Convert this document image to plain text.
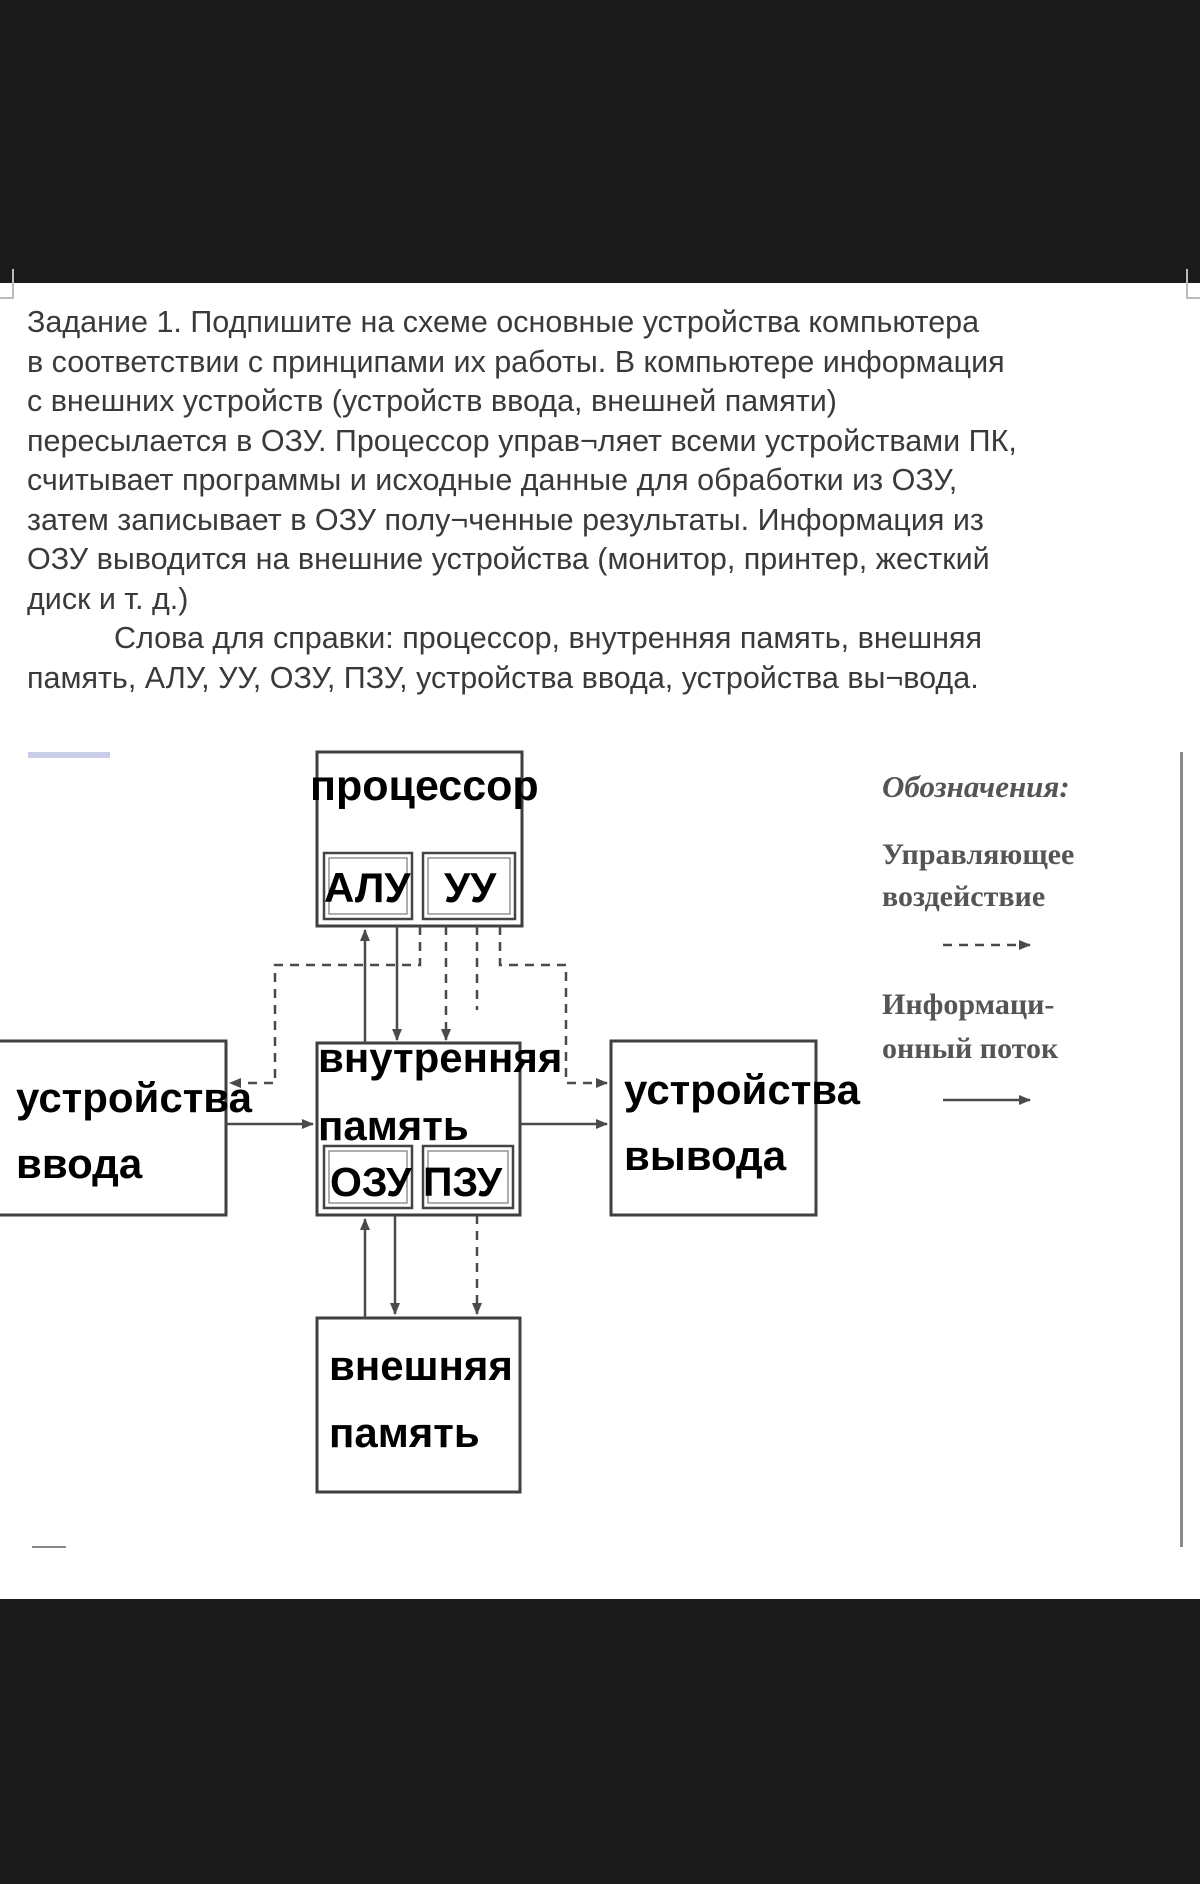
Задание 1. Подпишите на схеме основные устройства компьютера
в соответствии с принципами их работы. В компьютере информация
с внешних устройств (устройств ввода, внешней памяти)
пересылается в ОЗУ. Процессор управ¬ляет всеми устройствами ПК,
считывает программы и исходные данные для обработки из ОЗУ,
затем записывает в ОЗУ полу¬ченные результаты. Информация из
ОЗУ выводится на внешние устройства (монитор, принтер, жесткий
диск и т. д.)
Слова для справки: процессор, внутренняя память, внешняя
память, АЛУ, УУ, ОЗУ, ПЗУ, устройства ввода, устройства вы¬вода.
процессор
АЛУ УУ
внутренняя
память
ОЗУ ПЗУ
устройства
ввода
устройства
вывода
внешняя
память
Обозначения:
Управляющее
воздействие
Информаци-
онный поток
